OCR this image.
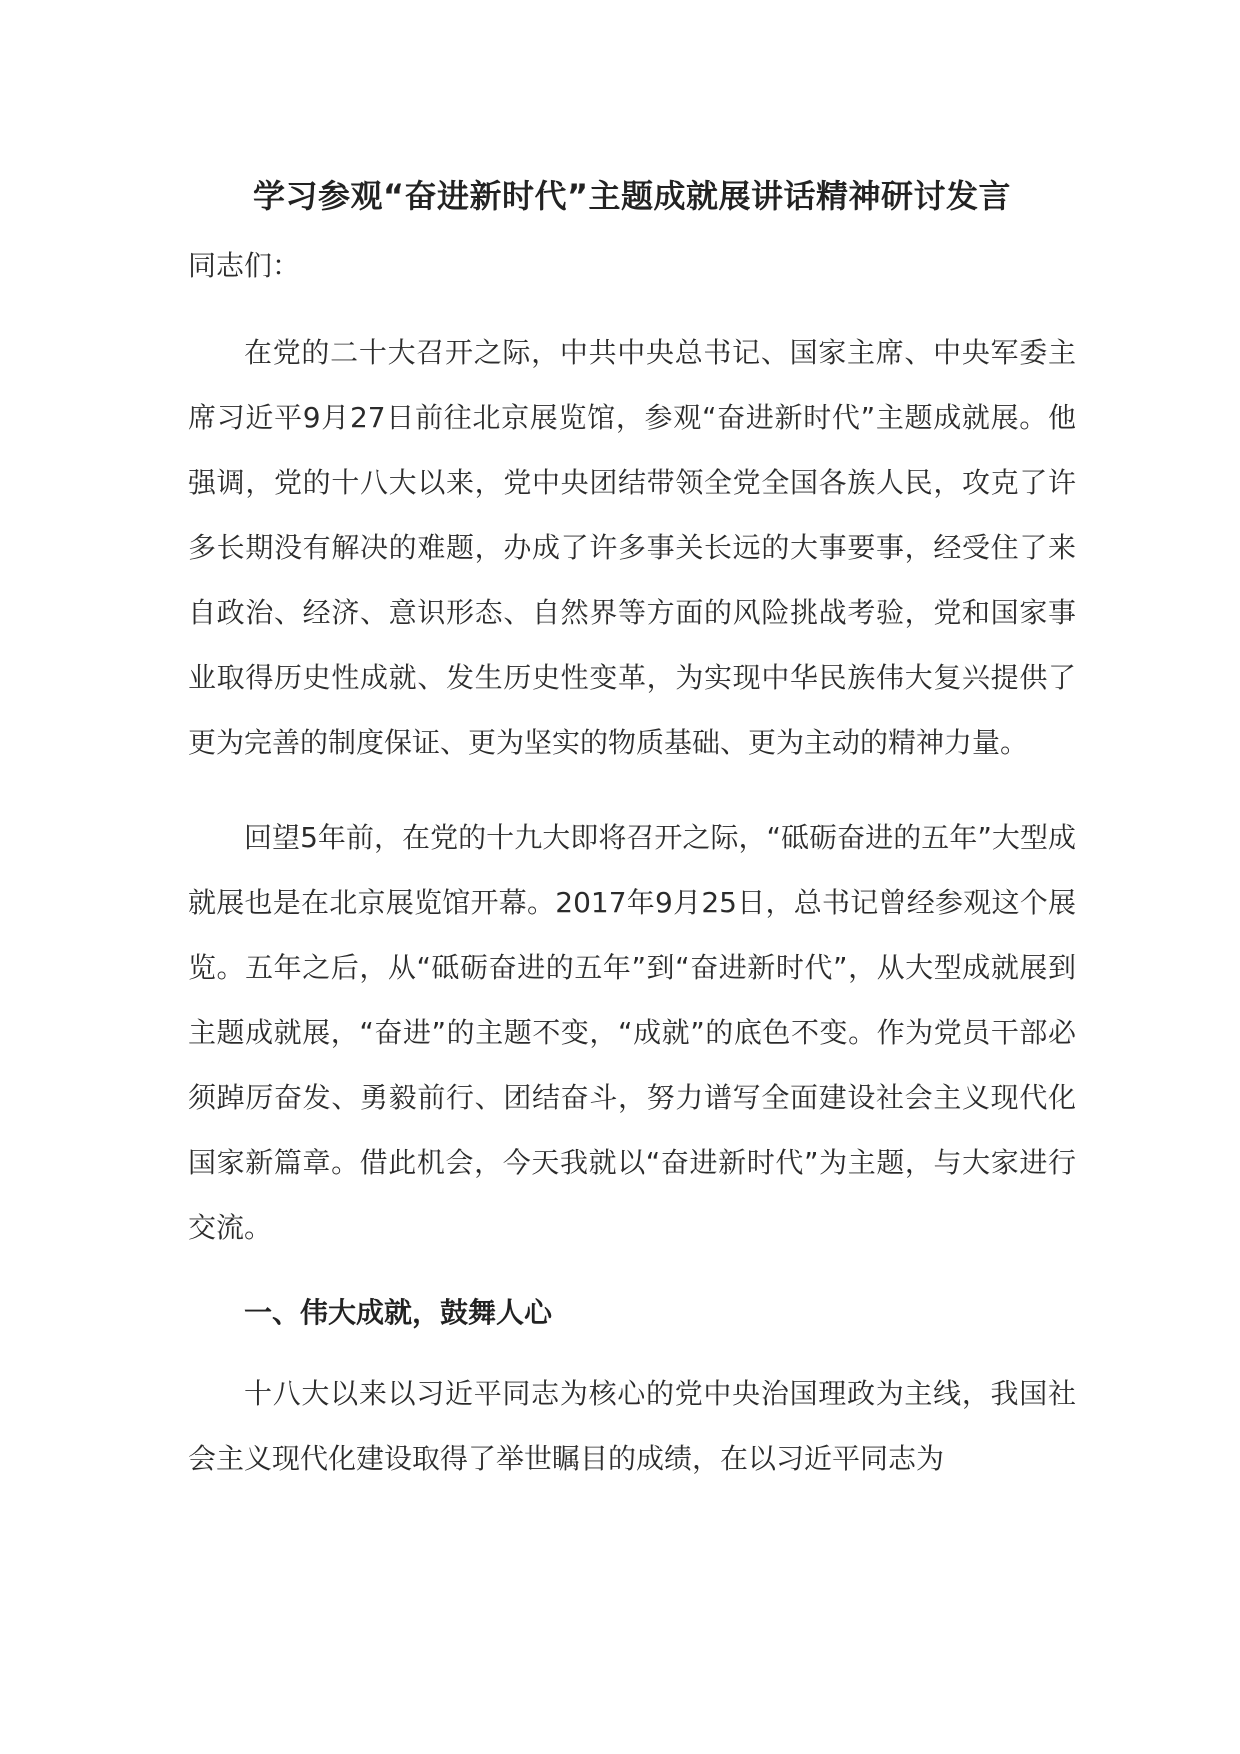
学习参观“奋进新时代”主题成就展讲话精神研讨发言

同志们：

在党的二十大召开之际，中共中央总书记、国家主席、中央军委主席习近平9月27日前往北京展览馆，参观“奋进新时代”主题成就展。他强调，党的十八大以来，党中央团结带领全党全国各族人民，攻克了许多长期没有解决的难题，办成了许多事关长远的大事要事，经受住了来自政治、经济、意识形态、自然界等方面的风险挑战考验，党和国家事业取得历史性成就、发生历史性变革，为实现中华民族伟大复兴提供了更为完善的制度保证、更为坚实的物质基础、更为主动的精神力量。

回望5年前，在党的十九大即将召开之际，“砥砺奋进的五年”大型成就展也是在北京展览馆开幕。2017年9月25日，总书记曾经参观这个展览。五年之后，从“砥砺奋进的五年”到“奋进新时代”，从大型成就展到主题成就展，“奋进”的主题不变，“成就”的底色不变。作为党员干部必须踔厉奋发、勇毅前行、团结奋斗，努力谱写全面建设社会主义现代化国家新篇章。借此机会，今天我就以“奋进新时代”为主题，与大家进行交流。

一、伟大成就，鼓舞人心

十八大以来以习近平同志为核心的党中央治国理政为主线，我国社会主义现代化建设取得了举世瞩目的成绩，在以习近平同志为
